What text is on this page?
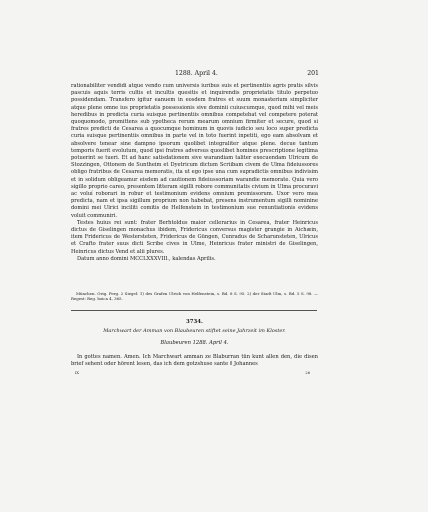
1288. April 4.	201

rationabiliter vendidi atque vendo cum universis iuribus suis et pertinentiis agris pratis silvis pascuis aquis terris cultis et incultis quesitis et inquirendis proprietatis titulo perpetuo possidendam. Transfero igitur eanuem in eosdem fratres et suum monasterium simpliciter atque plene omne ius proprietatis possessionis sive dominii cuiuscumque, quod mihi vel meis heredibus in predicta curia suisque pertinentiis omnibus competebat vel competere poterat quoquomodo, promittens sub ypotheca rerum mearum omnium firmiter et secure, quod si fratres predicti de Cesarea a quocumque hominum in quovis iudicio seu loco super predicta curia suisque pertinentiis omnibus in parte vel in toto fuerint inpetiti, ego eam absolvam et absolvere tenear sine dampno ipsorum quolibet integraliter atque plene. decue tantum temporis fuerit evolutum, quod ipsi fratres adversus quoslibet homines prescriptione legitima potuerint se tueri. Et ad hanc satisdationem sive warandiam taliter execuendam Ulricum de Stozzingen, Ottonem de Suntheim et Dyetricum dictum Scriibam civem de Ulma fideiussores obligo fratribus de Cesarea memoratis, ita ut ego ipse una cum supradictis omnibus indivisim et in solidum obligeamur eisdem ad cautionem fideiussoriam warandie memorate. Quia vero sigillo proprio careo, presentem litteram sigilli robore communitatis civium in Ulma procuravi ac voluí roborari in robur et testimonium evidens omnium premissorum. Uxor vero mea predicta, nam et ipsa sigillum proprium non habebat, presens instrumentum sigilli nominine domini mei Ulrici inciliti comitis de Helfenstein in testimonium sue renuntiationis evidens voluit communiri.

Testes huius rei sunt: frater Berhtoldus maior cellerarius in Cesarea, frater Heinricus dictus de Giselingen monachus ibidem, Fridericus conversus magister grangie in Aichæin, item Fridericus de Westersteten, Fridericus de Güngen, Cunradus de Scharunsteten, Ulricus et Crafto frater suus dicti Scribe cives in Ulme, Heinricus frater ministri de Giselingen, Heinricus dictus Vend et alii plures.

Datum anno domini MCCLXXXVIII., kalendas Aprilis.

München. Orig. Perg. 2 Siegel: 1) des Grafen Ulrich von Helfenstein, s. Bd. 8 S. 95. 2) der Stadt Ulm, s. Bd. 5 S. 98. — Regest: Reg. boica 4, 365.

3734.
Marchwart der Amman von Blaubeuren stiftet seine Jahrzeit im Kloster.
Blaubeuren 1288. April 4.

In gottes namen. Amen. Ich Marchwart amman ze Blaburran tün kunt allen den, die disen brief sehent oder hörent lesen, das ich dem gotzshuse sante ǁ Johannes

IX	26
